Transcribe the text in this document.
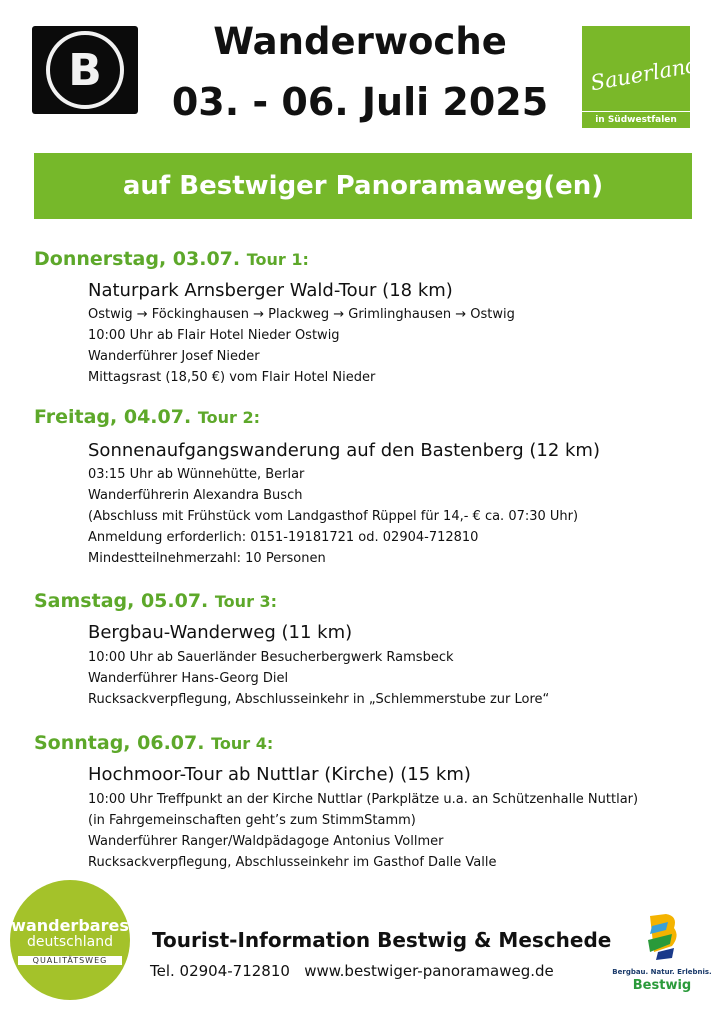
B
Wanderwoche
03. - 06. Juli 2025
Sauerland
in Südwestfalen
auf Bestwiger Panoramaweg(en)
Donnerstag, 03.07. Tour 1:
Naturpark Arnsberger Wald-Tour (18 km)
Ostwig → Föckinghausen → Plackweg → Grimlinghausen → Ostwig
10:00 Uhr ab Flair Hotel Nieder Ostwig
Wanderführer Josef Nieder
Mittagsrast (18,50 €) vom Flair Hotel Nieder
Freitag, 04.07. Tour 2:
Sonnenaufgangswanderung auf den Bastenberg (12 km)
03:15 Uhr ab Wünnehütte, Berlar
Wanderführerin Alexandra Busch
(Abschluss mit Frühstück vom Landgasthof Rüppel für 14,- € ca. 07:30 Uhr)
Anmeldung erforderlich: 0151-19181721 od. 02904-712810
Mindestteilnehmerzahl: 10 Personen
Samstag, 05.07. Tour 3:
Bergbau-Wanderweg (11 km)
10:00 Uhr ab Sauerländer Besucherbergwerk Ramsbeck
Wanderführer Hans-Georg Diel
Rucksackverpflegung, Abschlusseinkehr in „Schlemmerstube zur Lore“
Sonntag, 06.07. Tour 4:
Hochmoor-Tour ab Nuttlar (Kirche) (15 km)
10:00 Uhr Treffpunkt an der Kirche Nuttlar (Parkplätze u.a. an Schützenhalle Nuttlar)
(in Fahrgemeinschaften geht’s zum StimmStamm)
Wanderführer Ranger/Waldpädagoge Antonius Vollmer
Rucksackverpflegung, Abschlusseinkehr im Gasthof Dalle Valle
wanderbares
deutschland
QUALITÄTSWEG
Tourist-Information Bestwig & Meschede
Tel. 02904-712810   www.bestwiger-panoramaweg.de	Bergbau. Natur. Erlebnis.
Bestwig
